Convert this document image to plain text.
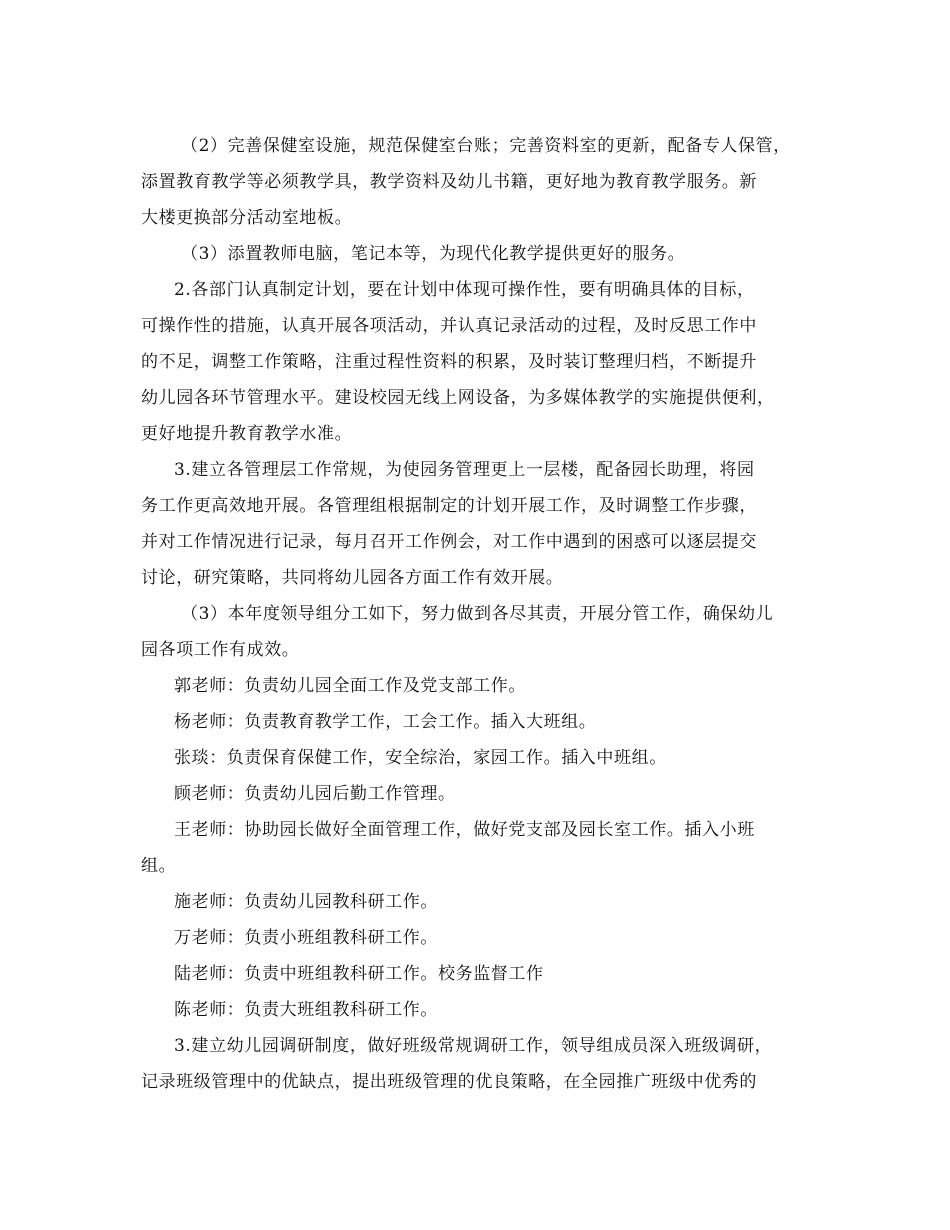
（2）完善保健室设施，规范保健室台账；完善资料室的更新，配备专人保管，
添置教育教学等必须教学具，教学资料及幼儿书籍，更好地为教育教学服务。新
大楼更换部分活动室地板。
（3）添置教师电脑，笔记本等，为现代化教学提供更好的服务。
2.各部门认真制定计划，要在计划中体现可操作性，要有明确具体的目标，
可操作性的措施，认真开展各项活动，并认真记录活动的过程，及时反思工作中
的不足，调整工作策略，注重过程性资料的积累，及时装订整理归档，不断提升
幼儿园各环节管理水平。建设校园无线上网设备，为多媒体教学的实施提供便利，
更好地提升教育教学水准。
3.建立各管理层工作常规，为使园务管理更上一层楼，配备园长助理，将园
务工作更高效地开展。各管理组根据制定的计划开展工作，及时调整工作步骤，
并对工作情况进行记录，每月召开工作例会，对工作中遇到的困惑可以逐层提交
讨论，研究策略，共同将幼儿园各方面工作有效开展。
（3）本年度领导组分工如下，努力做到各尽其责，开展分管工作，确保幼儿
园各项工作有成效。
郭老师：负责幼儿园全面工作及党支部工作。
杨老师：负责教育教学工作，工会工作。插入大班组。
张琰：负责保育保健工作，安全综治，家园工作。插入中班组。
顾老师：负责幼儿园后勤工作管理。
王老师：协助园长做好全面管理工作，做好党支部及园长室工作。插入小班
组。
施老师：负责幼儿园教科研工作。
万老师：负责小班组教科研工作。
陆老师：负责中班组教科研工作。校务监督工作
陈老师：负责大班组教科研工作。
3.建立幼儿园调研制度，做好班级常规调研工作，领导组成员深入班级调研，
记录班级管理中的优缺点，提出班级管理的优良策略，在全园推广班级中优秀的
